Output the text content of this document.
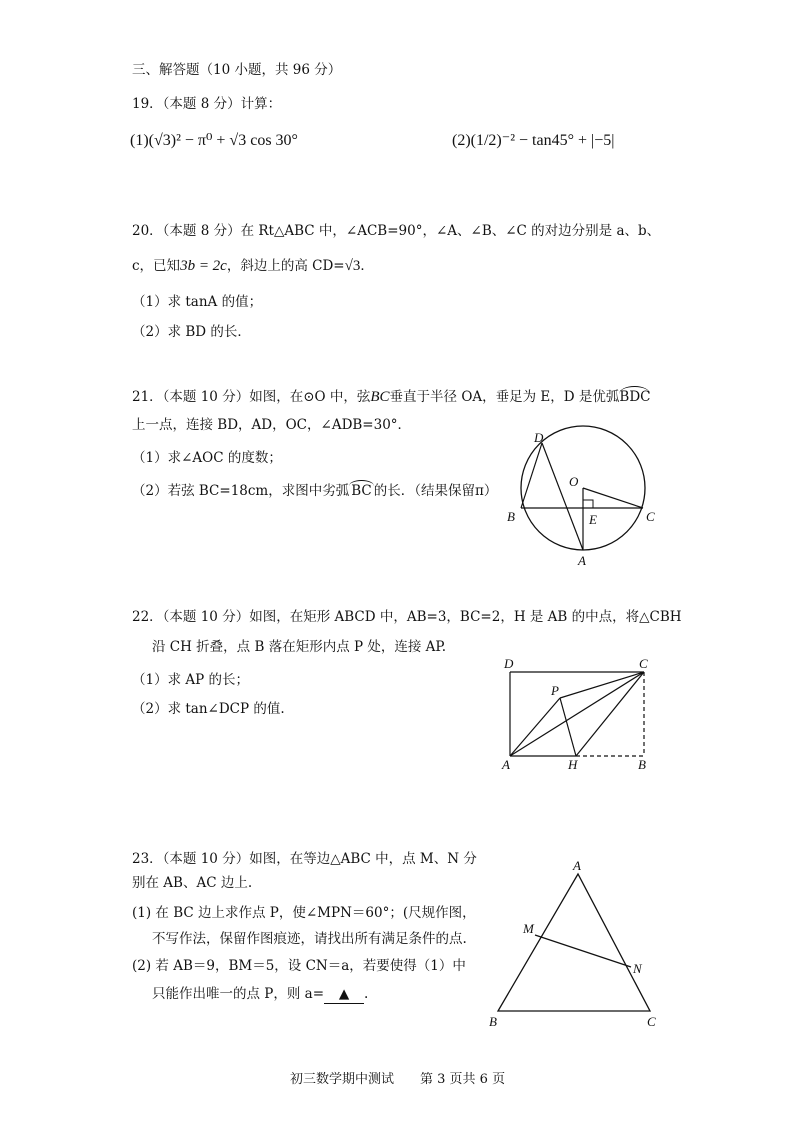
三、解答题（10 小题，共 96 分）
19．（本题 8 分）计算：
(1)(√3)² − π⁰ + √3 cos 30°	(2)(1/2)⁻² − tan45° + |−5|
20．（本题 8 分）在 Rt△ABC 中，∠ACB=90°，∠A、∠B、∠C 的对边分别是 a、b、
c，已知3b = 2c，斜边上的高 CD=√3．
（1）求 tanA 的值；
（2）求 BD 的长．
21．（本题 10 分）如图，在⊙O 中，弦BC垂直于半径 OA，垂足为 E，D 是优弧BDC
上一点，连接 BD，AD，OC，∠ADB=30°．
（1）求∠AOC 的度数；
（2）若弦 BC=18cm，求图中劣弧 BC 的长．（结果保留π）
D
O
B	E	C
A
22．（本题 10 分）如图，在矩形 ABCD 中，AB=3，BC=2，H 是 AB 的中点，将△CBH
沿 CH 折叠，点 B 落在矩形内点 P 处，连接 AP.
（1）求 AP 的长；
（2）求 tan∠DCP 的值.
D	C
P
A	H	B
23．（本题 10 分）如图，在等边△ABC 中，点 M、N 分
别在 AB、AC 边上.
(1) 在 BC 边上求作点 P，使∠MPN＝60°；(尺规作图，
不写作法，保留作图痕迹，请找出所有满足条件的点.
(2) 若 AB＝9，BM＝5，设 CN＝a，若要使得（1）中
只能作出唯一的点 P，则 a= ▲ .
A
M
N
B	C
初三数学期中测试　　第 3 页共 6 页
